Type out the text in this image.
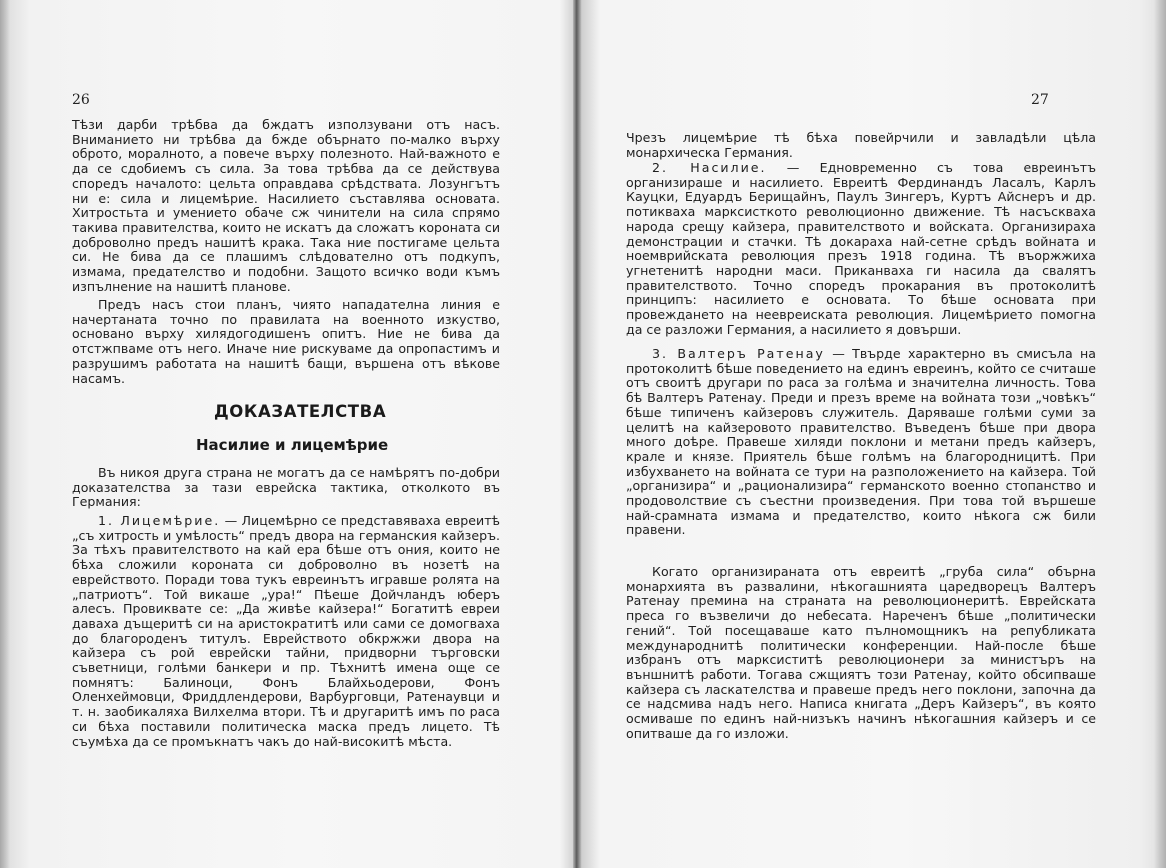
26

Тѣзи дарби трѣбва да бждатъ използувани отъ насъ. Вниманието ни трѣбва да бжде обърнато по-малко върху оброто, моралното, а повече върху полезното. Най-важното е да се сдобиемъ съ сила. За това трѣбва да се действува споредъ началото: цельта оправдава срѣдствата. Лозунгътъ ни е: сила и лицемѣрие. Насилието съставлява основата. Хитростьта и умението обаче сж чинители на сила спрямо такива правителства, които не искатъ да сложатъ короната си доброволно предъ нашитѣ крака. Така ние постигаме цельта си. Не бива да се плашимъ слѣдователно отъ подкупъ, измама, предателство и подобни. Защото всичко води къмъ изпълнение на нашитѣ планове.

Предъ насъ стои планъ, чиято нападателна линия е начертаната точно по правилата на военното изкуство, основано върху хилядогодишенъ опитъ. Ние не бива да отстжпваме отъ него. Иначе ние рискуваме да опропастимъ и разрушимъ работата на нашитѣ бащи, вършена отъ вѣкове насамъ.

ДОКАЗАТЕЛСТВА
Насилие и лицемѣрие

Въ никоя друга страна не могатъ да се намѣрятъ по-добри доказателства за тази еврейска тактика, отколкото въ Германия:

1. Лицемѣрие. — Лицемѣрно се представяваха евреитѣ „съ хитрость и умѣлость“ предъ двора на германския кайзеръ. За тѣхъ правителството на кай ера бѣше отъ ония, които не бѣха сложили короната си доброволно въ нозетѣ на еврейството. Поради това тукъ евреинътъ игравше ролята на „патриотъ“. Той викаше „ура!“ Пѣеше Дойчландъ юберъ алесъ. Провиквате се: „Да живѣе кайзера!“ Богатитѣ евреи даваха дъщеритѣ си на аристократитѣ или сами се домогваха до благороденъ титулъ. Еврейството обкржжи двора на кайзера съ рой еврейски тайни, придворни търговски съветници, голѣми банкери и пр. Тѣхнитѣ имена още се помнятъ: Балиноци, Фонъ Блайхьодерови, Фонъ Оленхеймовци, Фриддлендерови, Варбурговци, Ратенаувци и т. н. заобикаляха Вилхелма втори. Тѣ и другаритѣ имъ по раса си бѣха поставили политическа маска предъ лицето. Тѣ съумѣха да се промъкнатъ чакъ до най-високитѣ мѣста.

27

Чрезъ лицемѣрие тѣ бѣха повейрчили и завладѣли цѣла монархическа Германия.

2. Насилие. — Едновременно съ това евреинътъ организираше и насилието. Евреитѣ Фердинандъ Ласалъ, Карлъ Кауцки, Едуардъ Берищайнъ, Паулъ Зингеръ, Куртъ Айснеръ и др. потикваха марксисткото революционно движение. Тѣ насъскваха народа срещу кайзера, правителството и войската. Организираха демонстрации и стачки. Тѣ докараха най-сетне срѣдъ войната и ноемврийската революция презъ 1918 година. Тѣ въоржжиха угнетенитѣ народни маси. Приканваха ги насила да свалятъ правителството. Точно споредъ прокарания въ протоколитѣ принципъ: насилието е основата. То бѣше основата при провеждането на неевреиската революция. Лицемѣрието помогна да се разложи Германия, а насилието я довърши.

3. Валтеръ Ратенау — Твърде характерно въ смисъла на протоколитѣ бѣше поведението на единъ евреинъ, който се считаше отъ своитѣ другари по раса за голѣма и значителна личность. Това бѣ Валтеръ Ратенау. Преди и презъ време на войната този „човѣкъ“ бѣше типиченъ кайзеровъ служитель. Даряваше голѣми суми за целитѣ на кайзеровото правителство. Въведенъ бѣше при двора много доѣре. Правеше хиляди поклони и метани предъ кайзеръ, крале и князе. Приятель бѣше голѣмъ на благородницитѣ. При избухването на войната се тури на разположението на кайзера. Той „организира“ и „рационализира“ германското военно стопанство и продоволствие съ съестни произведения. При това той вършеше най-срамната измама и предателство, които нѣкога сж били правени.

Когато организираната отъ евреитѣ „груба сила“ обърна монархията въ развалини, нѣкогашнията царедворецъ Валтеръ Ратенау премина на страната на революционеритѣ. Еврейската преса го възвеличи до небесата. Нареченъ бѣше „политически гений“. Той посещаваше като пълномощникъ на републиката международнитѣ политически конференции. Най-после бѣше избранъ отъ марксиститѣ революционери за министъръ на външнитѣ работи. Тогава сжщиятъ този Ратенау, който обсипваше кайзера съ ласкателства и правеше предъ него поклони, започна да се надсмива надъ него. Написа книгата „Деръ Кайзеръ“, въ която осмиваше по единъ най-низъкъ начинъ нѣкогашния кайзеръ и се опитваше да го изложи.
